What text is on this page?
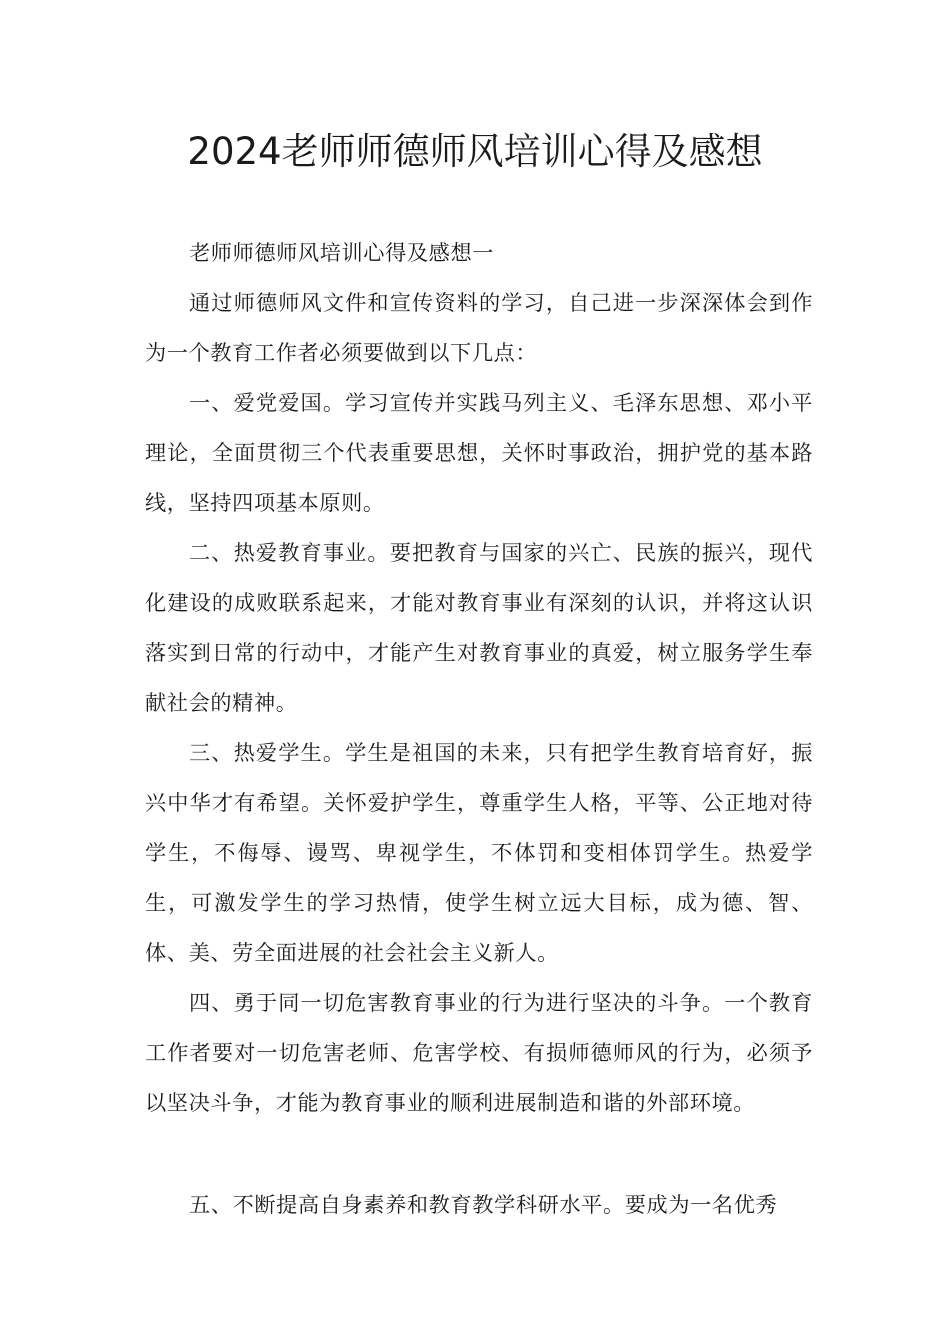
2024老师师德师风培训心得及感想

老师师德师风培训心得及感想一

通过师德师风文件和宣传资料的学习，自己进一步深深体会到作为一个教育工作者必须要做到以下几点：

一、爱党爱国。学习宣传并实践马列主义、毛泽东思想、邓小平理论，全面贯彻三个代表重要思想，关怀时事政治，拥护党的基本路线，坚持四项基本原则。

二、热爱教育事业。要把教育与国家的兴亡、民族的振兴，现代化建设的成败联系起来，才能对教育事业有深刻的认识，并将这认识落实到日常的行动中，才能产生对教育事业的真爱，树立服务学生奉献社会的精神。

三、热爱学生。学生是祖国的未来，只有把学生教育培育好，振兴中华才有希望。关怀爱护学生，尊重学生人格，平等、公正地对待学生，不侮辱、谩骂、卑视学生，不体罚和变相体罚学生。热爱学生，可激发学生的学习热情，使学生树立远大目标，成为德、智、体、美、劳全面进展的社会社会主义新人。

四、勇于同一切危害教育事业的行为进行坚决的斗争。一个教育工作者要对一切危害老师、危害学校、有损师德师风的行为，必须予以坚决斗争，才能为教育事业的顺利进展制造和谐的外部环境。

五、不断提高自身素养和教育教学科研水平。要成为一名优秀
